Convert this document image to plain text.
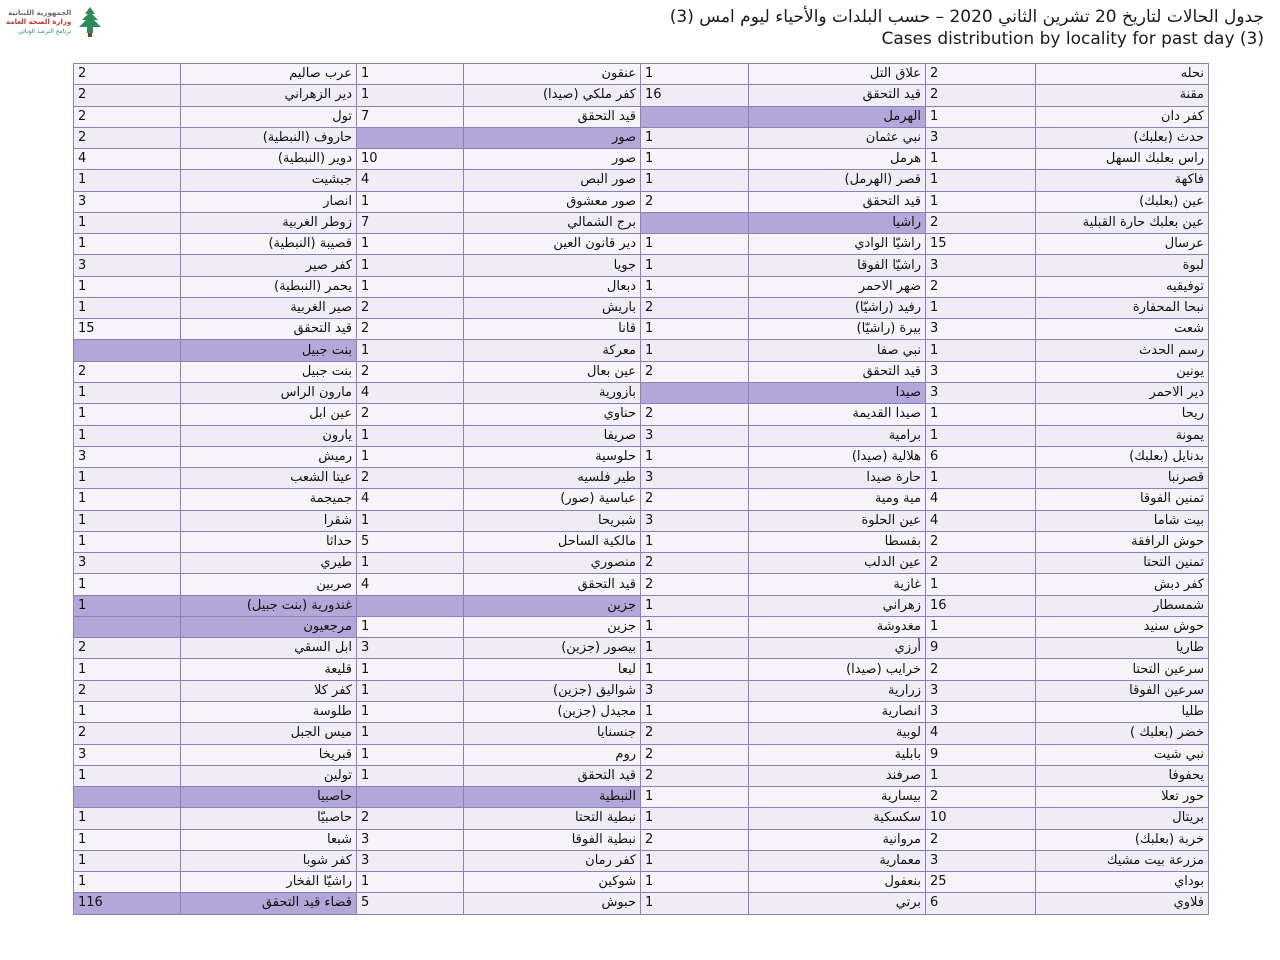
الجمهورية اللبنانية
وزارة الصحة العامة
برنامج الترصد الوبائي
جدول الحالات لتاريخ 20 تشرين الثاني 2020 – حسب البلدات والأحياء ليوم امس (3)
Cases distribution by locality for past day (3)
نحله	2	علاق التل	1	عنقون	1	عرب صاليم	2
مقنة	2	قيد التحقق	16	كفر ملكي (صيدا)	1	دير الزهراني	2
كفر دان	1	الهرمل		قيد التحقق	7	تول	2
حدث (بعلبك)	3	نبي عثمان	1	صور		حاروف (النبطية)	2
راس بعلبك السهل	1	هرمل	1	صور	10	دوير (النبطية)	4
فاكهة	1	قصر (الهرمل)	1	صور البص	4	جبشيت	1
عين (بعلبك)	1	قيد التحقق	2	صور معشوق	1	انصار	3
عين بعلبك حارة القبلية	2	راشيا		برج الشمالي	7	زوطر الغربية	1
عرسال	15	راشيّا الوادي	1	دير قانون العين	1	قصيبة (النبطية)	1
لبوة	3	راشيّا الفوقا	1	جويا	1	كفر صير	3
توفيقيه	2	ضهر الاحمر	1	دبعال	1	يحمر (النبطية)	1
نبحا المحفارة	1	رفيد (راشيّا)	2	باريش	2	صير الغربية	1
شعت	3	بيرة (راشيّا)	1	قانا	2	قيد التحقق	15
رسم الحدث	1	نبي صفا	1	معركة	1	بنت جبيل	
يونين	3	قيد التحقق	2	عين بعال	2	بنت جبيل	2
دير الاحمر	3	صيدا		بازورية	4	مارون الراس	1
ريحا	1	صيدا القديمة	2	حناوي	2	عين ابل	1
يمونة	1	برامية	3	صريفا	1	يارون	1
بدنايل (بعلبك)	6	هلالية (صيدا)	1	حلوسية	1	رميش	3
قصرنبا	1	حارة صيدا	3	طير فلسيه	2	عيتا الشعب	1
تمنين الفوقا	4	مية ومية	2	عباسية (صور)	4	جميجمة	1
بيت شاما	4	عين الحلوة	3	شبريحا	1	شقرا	1
حوش الرافقة	2	بقسطا	1	مالكية الساحل	5	حداثا	1
تمنين التحتا	2	عين الدلب	2	منصوري	1	طيري	3
كفر دبش	1	غازية	2	قيد التحقق	4	صربين	1
شمسطار	16	زهراني	1	جزين		غندورية (بنت جبيل)	1
حوش سنيد	1	مغدوشة	1	جزين	1	مرجعيون	
طاريا	9	أرزي	1	بيصور (جزين)	3	ابل السقي	2
سرعين التحتا	2	خرايب (صيدا)	1	لبعا	1	قليعة	1
سرعين الفوقا	3	زرارية	3	شواليق (جزين)	1	كفر كلا	2
طليا	3	انصارية	1	مجيدل (جزين)	1	طلوسة	1
خضر (بعلبك )	4	لوبية	2	جنسنايا	1	ميس الجبل	2
نبي شيت	9	بابلية	2	روم	1	قبريخا	3
يحفوفا	1	صرفند	2	قيد التحقق	1	تولين	1
حور تعلا	2	بيسارية	1	النبطية		حاصبيا	
بريتال	10	سكسكية	1	نبطية التحتا	2	حاصبيّا	1
خربة (بعلبك)	2	مروانية	2	نبطية الفوقا	3	شبعا	1
مزرعة بيت مشيك	3	معمارية	1	كفر رمان	3	كفر شوبا	1
بوداي	25	بنعفول	1	شوكين	1	راشيّا الفخار	1
فلاوي	6	برتي	1	حبوش	5	قضاء قيد التحقق	116
